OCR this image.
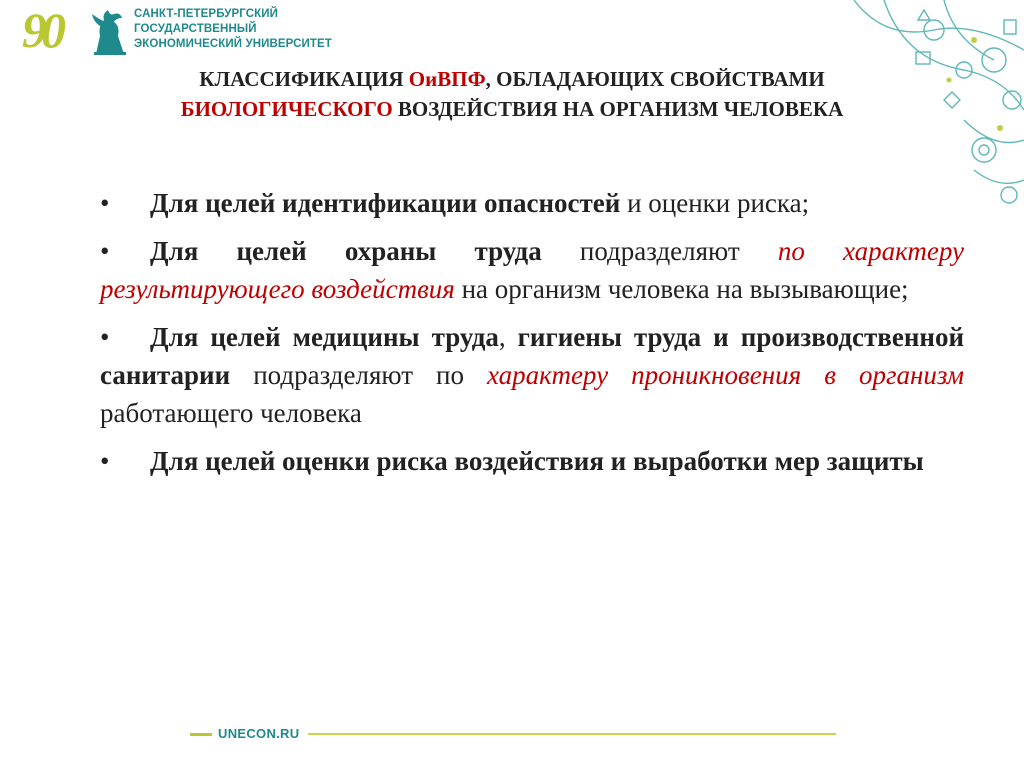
90	САНКТ-ПЕТЕРБУРГСКИЙ
ГОСУДАРСТВЕННЫЙ
ЭКОНОМИЧЕСКИЙ УНИВЕРСИТЕТ
КЛАССИФИКАЦИЯ ОиВПФ, ОБЛАДАЮЩИХ СВОЙСТВАМИ
БИОЛОГИЧЕСКОГО ВОЗДЕЙСТВИЯ НА ОРГАНИЗМ ЧЕЛОВЕКА
• Для целей идентификации опасностей и оценки риска;
• Для целей охраны труда подразделяют по характеру результирующего воздействия на организм человека на вызывающие;
• Для целей медицины труда, гигиены труда и производственной санитарии подразделяют по характеру проникновения в организм работающего человека
• Для целей оценки риска воздействия и выработки мер защиты
UNECON.RU
